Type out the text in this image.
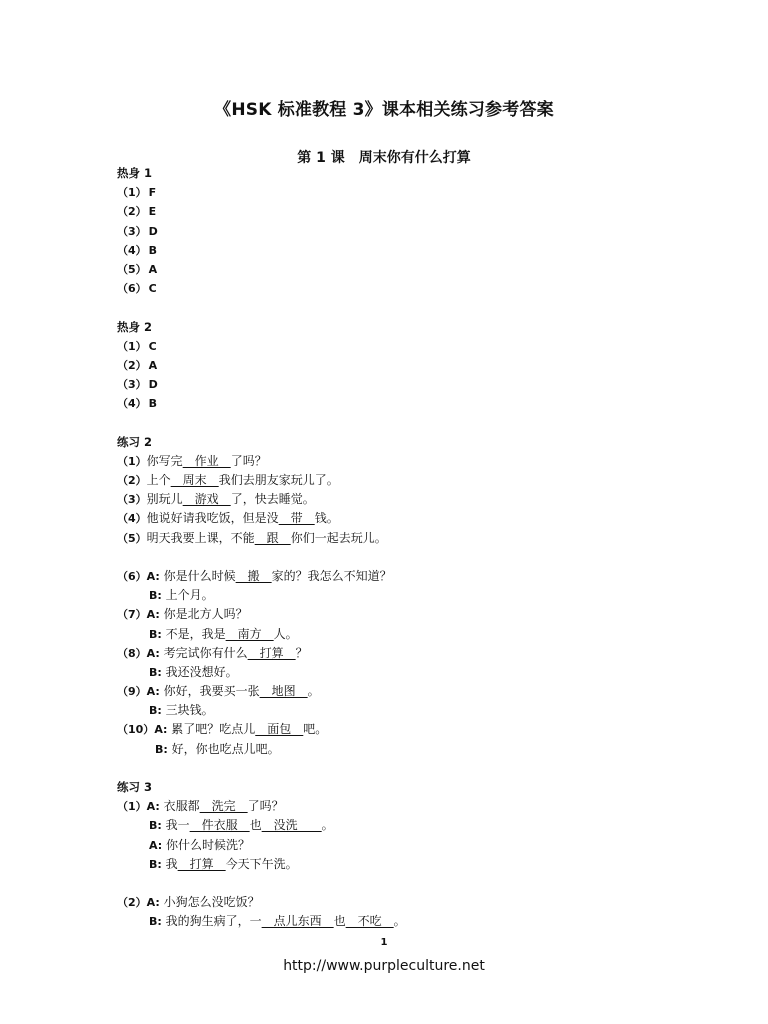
《HSK 标准教程 3》课本相关练习参考答案
第 1 课　周末你有什么打算
热身 1
（1） F
（2） E
（3） D
（4） B
（5） A
（6） C
热身 2
（1） C
（2） A
（3） D
（4） B
练习 2
（1）你写完　作业　了吗？
（2）上个　周末　我们去朋友家玩儿了。
（3）别玩儿　游戏　了，快去睡觉。
（4）他说好请我吃饭，但是没　带　钱。
（5）明天我要上课，不能　跟　你们一起去玩儿。
（6）A: 你是什么时候　搬　家的？我怎么不知道？
B: 上个月。
（7）A: 你是北方人吗？
B: 不是，我是　南方　人。
（8）A: 考完试你有什么　打算　？
B: 我还没想好。
（9）A: 你好，我要买一张　地图　。
B: 三块钱。
（10）A: 累了吧？吃点儿　面包　吧。
B: 好，你也吃点儿吧。
练习 3
（1）A: 衣服都　洗完　了吗？
B: 我一　件衣服　也　没洗　　。
A: 你什么时候洗？
B: 我　打算　今天下午洗。
（2）A: 小狗怎么没吃饭？
B: 我的狗生病了，一　点儿东西　也　不吃　。
1
http://www.purpleculture.net
